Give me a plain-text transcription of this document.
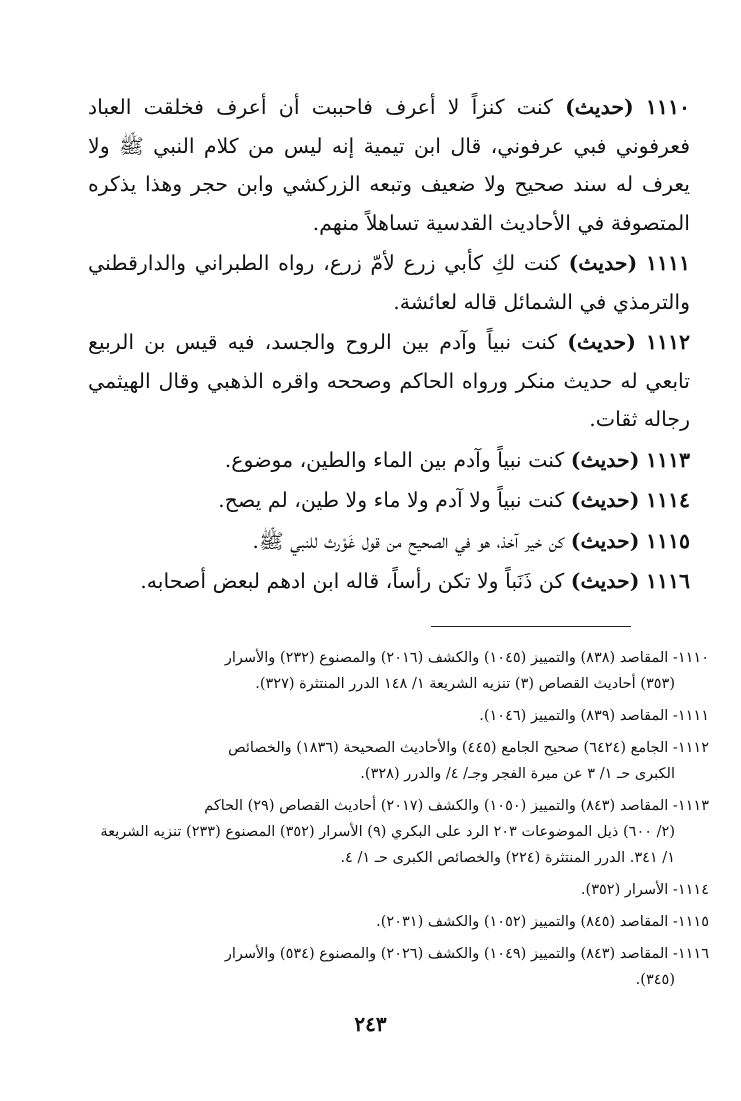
١١١٠ (حديث) كنت كنزاً لا أعرف فاحببت أن أعرف فخلقت العباد فعرفوني فبي عرفوني، قال ابن تيمية إنه ليس من كلام النبي ﷺ ولا يعرف له سند صحيح ولا ضعيف وتبعه الزركشي وابن حجر وهذا يذكره المتصوفة في الأحاديث القدسية تساهلاً منهم.

١١١١ (حديث) كنت لكِ كأبي زرع لأمّ زرع، رواه الطبراني والدارقطني والترمذي في الشمائل قاله لعائشة.

١١١٢ (حديث) كنت نبياً وآدم بين الروح والجسد، فيه قيس بن الربيع تابعي له حديث منكر ورواه الحاكم وصححه واقره الذهبي وقال الهيثمي رجاله ثقات.

١١١٣ (حديث) كنت نبياً وآدم بين الماء والطين، موضوع.

١١١٤ (حديث) كنت نبياً ولا آدم ولا ماء ولا طين، لم يصح.

١١١٥ (حديث) كن خير آخذ، هو في الصحيح من قول غَوْرث للنبي ﷺ.

١١١٦ (حديث) كن ذَنَباً ولا تكن رأساً، قاله ابن ادهم لبعض أصحابه.

١١١٠- المقاصد (٨٣٨) والتمييز (١٠٤٥) والكشف (٢٠١٦) والمصنوع (٢٣٢) والأسرار
(٣٥٣) أحاديث القصاص (٣) تنزيه الشريعة ١/ ١٤٨ الدرر المنتثرة (٣٢٧).

١١١١- المقاصد (٨٣٩) والتمييز (١٠٤٦).

١١١٢- الجامع (٦٤٢٤) صحيح الجامع (٤٤٥) والأحاديث الصحيحة (١٨٣٦) والخصائص
الكبرى حـ ١/ ٣ عن ميرة الفجر وجـ/ ٤/ والدرر (٣٢٨).

١١١٣- المقاصد (٨٤٣) والتمييز (١٠٥٠) والكشف (٢٠١٧) أحاديث القصاص (٢٩) الحاكم
(٢/ ٦٠٠) ذيل الموضوعات ٢٠٣ الرد على البكري (٩) الأسرار (٣٥٢) المصنوع (٢٣٣) تنزيه الشريعة ١/ ٣٤١. الدرر المنتثرة (٢٢٤) والخصائص الكبرى حـ ١/ ٤.

١١١٤- الأسرار (٣٥٢).

١١١٥- المقاصد (٨٤٥) والتمييز (١٠٥٢) والكشف (٢٠٣١).

١١١٦- المقاصد (٨٤٣) والتمييز (١٠٤٩) والكشف (٢٠٢٦) والمصنوع (٥٣٤) والأسرار
(٣٤٥).

٢٤٣
